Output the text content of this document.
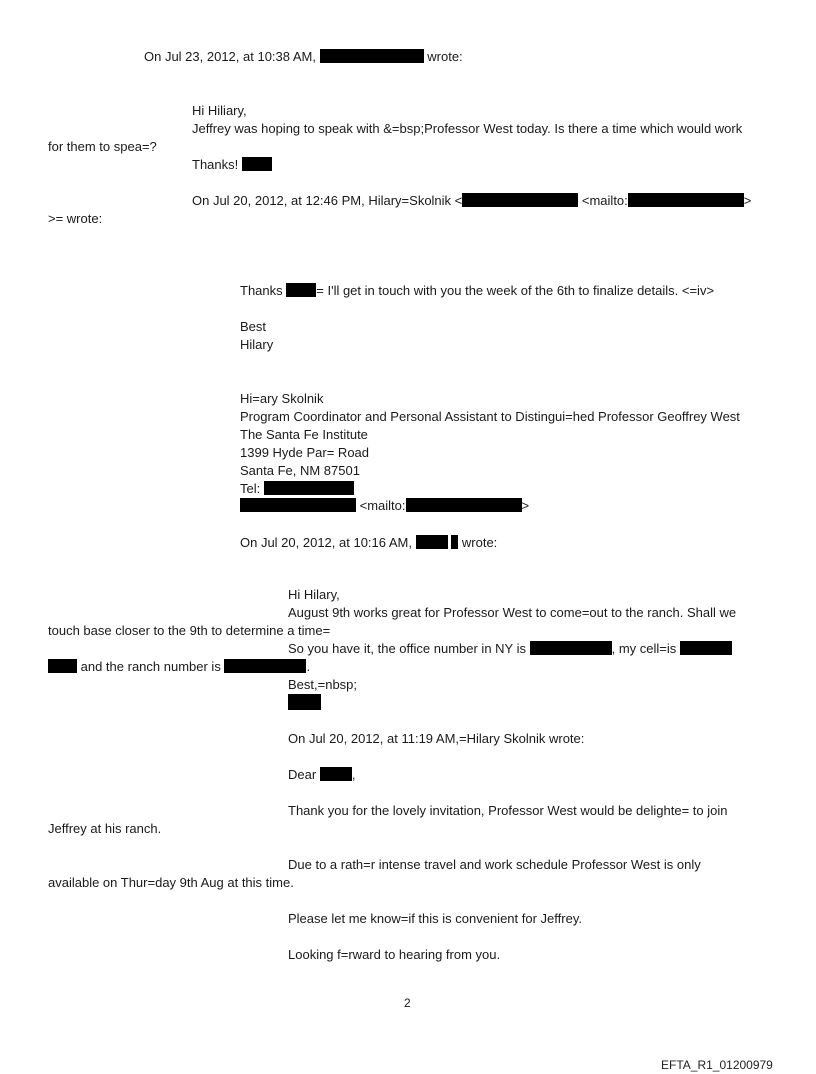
On Jul 23, 2012, at 10:38 AM,	wrote:
Hi Hiliary,
Jeffrey was hoping to speak with &=bsp;Professor West today. Is there a time which would work
for them to spea=?
Thanks!
On Jul 20, 2012, at 12:46 PM, Hilary=Skolnik <	<mailto:	>
>= wrote:
Thanks	= I'll get in touch with you the week of the 6th to finalize details. <=iv>
Best
Hilary
Hi=ary Skolnik
Program Coordinator and Personal Assistant to Distingui=hed Professor Geoffrey West
The Santa Fe Institute
1399 Hyde Par= Road
Santa Fe, NM 87501
Tel:
<mailto:	>
On Jul 20, 2012, at 10:16 AM,	wrote:
Hi Hilary,
August 9th works great for Professor West to come=out to the ranch. Shall we
touch base closer to the 9th to determine a time=
So you have it, the office number in NY is	, my cell=is
and the ranch number is	.
Best,=nbsp;
On Jul 20, 2012, at 11:19 AM,=Hilary Skolnik wrote:
Dear	,
Thank you for the lovely invitation, Professor West would be delighte= to join
Jeffrey at his ranch.
Due to a rath=r intense travel and work schedule Professor West is only
available on Thur=day 9th Aug at this time.
Please let me know=if this is convenient for Jeffrey.
Looking f=rward to hearing from you.
2
EFTA_R1_01200979
